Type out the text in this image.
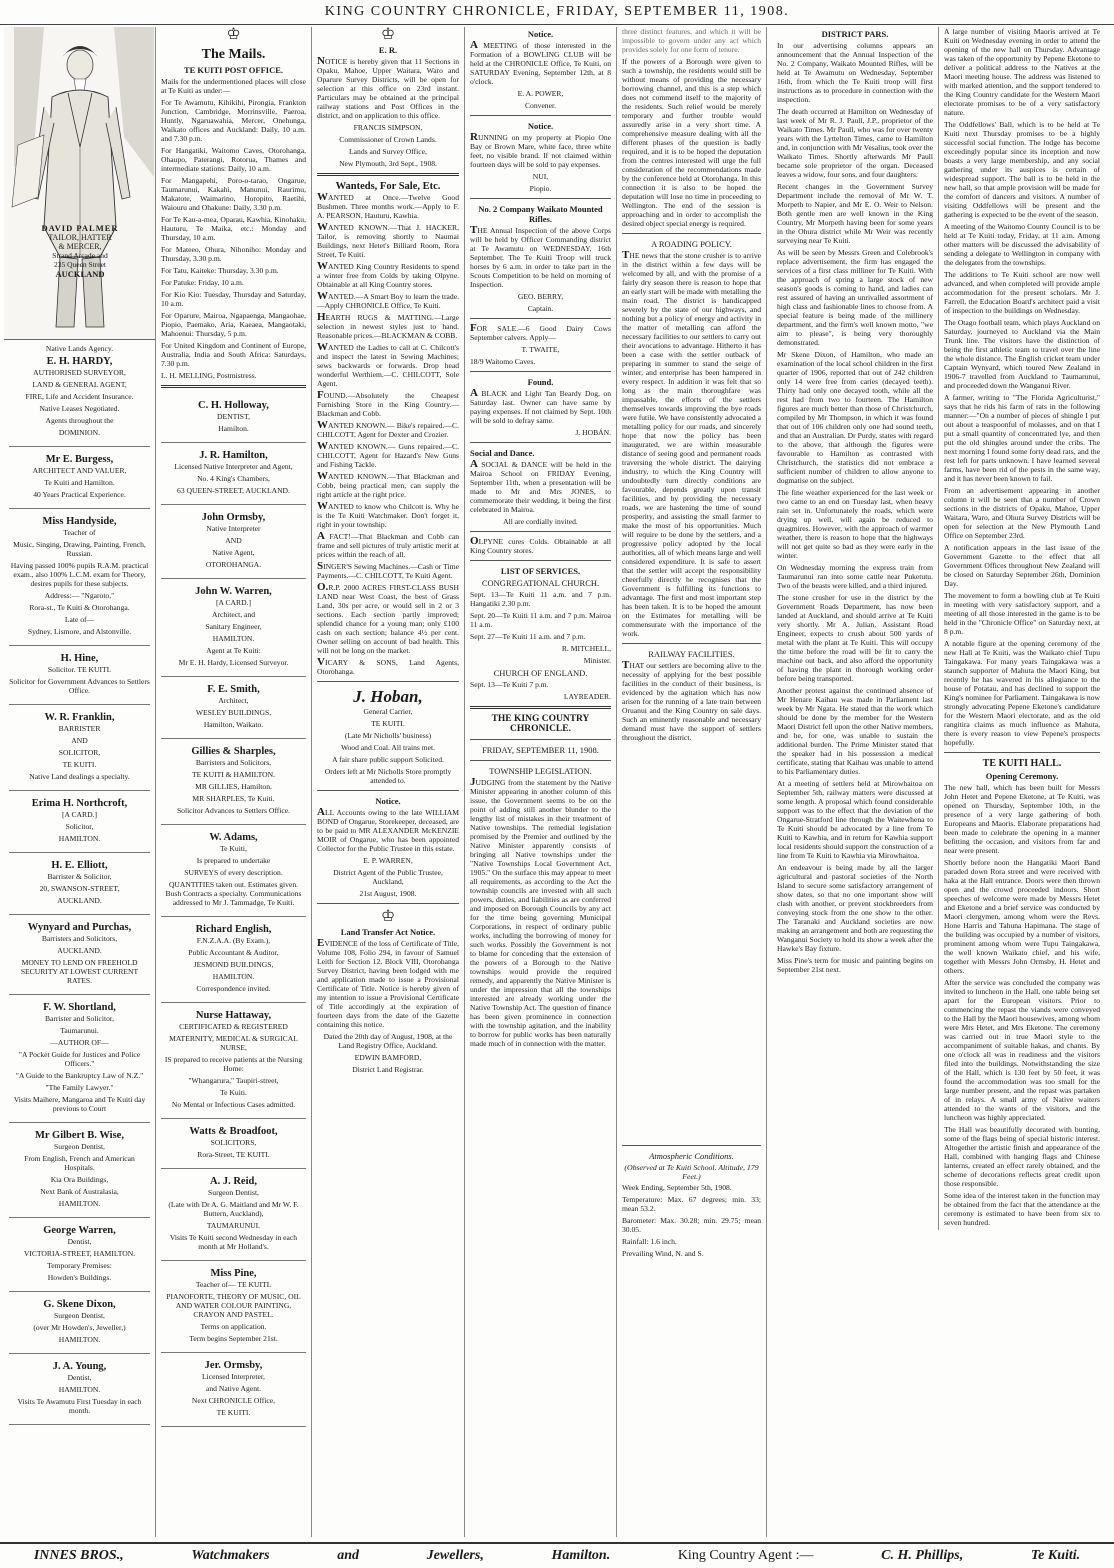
KING COUNTRY CHRONICLE, FRIDAY, SEPTEMBER 11, 1908.
DAVID PALMER
TAILOR, HATTER
& MERCER,
Strand Arcade and
235 Queen Street
AUCKLAND

Native Lands Agency.

E. H. HARDY,

AUTHORISED SURVEYOR,

LAND & GENERAL AGENT,

FIRE, Life and Accident Insurance.

Native Leases Negotiated.

Agents throughout the

DOMINION.

Mr E. Burgess,

ARCHITECT AND VALUER,

Te Kuiti and Hamilton.

40 Years Practical Experience.

Miss Handyside,

Teacher of

Music, Singing, Drawing, Painting, French, Russian.

Having passed 100% pupils R.A.M. practical exam., also 100% L.C.M. exam for Theory, desires pupils for these subjects.

Address:— "Ngaroto,"

Rora-st., Te Kuiti & Otorohanga.

Late of—

Sydney, Lismore, and Alstonville.

H. Hine,

Solicitor. TE KUITI.

Solicitor for Government Advances to Settlers Office.

W. R. Franklin,

BARRISTER

AND

SOLICITOR,

TE KUITI.

Native Land dealings a specialty.

Erima H. Northcroft,

[A CARD.]

Solicitor,

HAMILTON.

H. E. Elliott,

Barrister & Solicitor,

20, SWANSON-STREET,

AUCKLAND.

Wynyard and Purchas,

Barristers and Solicitors,

AUCKLAND.

MONEY TO LEND ON FREEHOLD SECURITY AT LOWEST CURRENT RATES.

F. W. Shortland,

Barrister and Solicitor,

Taumarunui.

—AUTHOR OF—

"A Pocket Guide for Justices and Police Officers."

"A Guide to the Bankruptcy Law of N.Z."

"The Family Lawyer."

Visits Maihere, Mangaroa and Te Kuiti day previous to Court

Mr Gilbert B. Wise,

Surgeon Dentist,

From English, French and American Hospitals.

Kia Ora Buildings,

Next Bank of Australasia,

HAMILTON.

George Warren,

Dentist,

VICTORIA-STREET, HAMILTON.

Temporary Premises:

Howden's Buildings.

G. Skene Dixon,

Surgeon Dentist,

(over Mr Howden's, Jeweller,)

HAMILTON.

J. A. Young,

Dentist,

HAMILTON.

Visits Te Awamutu First Tuesday in each month.

♔
The Mails.
TE KUITI POST OFFICE.

Mails for the undermentioned places will close at Te Kuiti as under:—

For Te Awamutu, Kihikihi, Pirongia, Frankton Junction, Cambridge, Morrinsville, Paeroa, Huntly, Ngaruawahia, Mercer, Onehunga, Waikato offices and Auckland: Daily, 10 a.m. and 7.30 p.m.

For Hangatiki, Waitomo Caves, Otorohanga, Ohaupo, Paterangi, Rotorua, Thames and intermediate stations: Daily, 10 a.m.

For Mangapehi, Poro-o-tarao, Ongarue, Taumarunui, Kakahi, Manunui, Raurimu, Makatote, Waimarino, Horopito, Raetihi, Waiouru and Ohakune: Daily, 3.30 p.m.

For Te Kau-a-mea, Oparau, Kawhia, Kinohaku, Hauturu, Te Maika, etc.: Monday and Thursday, 10 a.m.

For Mateeo, Ohura, Nihoniho: Monday and Thursday, 3.30 p.m.

For Tatu, Kaiteke: Thursday, 3.30 p.m.

For Patuke: Friday, 10 a.m.

For Kio Kio: Tuesday, Thursday and Saturday, 10 a.m.

For Oparure, Mairoa, Ngapaenga, Mangaohae, Piopio, Paemako, Aria, Kaeaea, Mangaotaki, Mahoenui: Thursday, 5 p.m.

For United Kingdom and Continent of Europe, Australia, India and South Africa: Saturdays, 7.30 p.m.

L. H. MELLING, Postmistress.

C. H. Holloway,

DENTIST,

Hamilton.

J. R. Hamilton,

Licensed Native Interpreter and Agent,

No. 4 King's Chambers,

63 QUEEN-STREET, AUCKLAND.

John Ormsby,

Native Interpreter

AND

Native Agent,

OTOROHANGA.

John W. Warren,

[A CARD.]

Architect, and

Sanitary Engineer,

HAMILTON.

Agent at Te Kuiti:

Mr E. H. Hardy, Licensed Surveyor.

F. E. Smith,

Architect,

WESLEY BUILDINGS,

Hamilton, Waikato.

Gillies & Sharples,

Barristers and Solicitors,

TE KUITI & HAMILTON.

MR GILLIES, Hamilton.

MR SHARPLES, Te Kuiti.

Solicitor Advances to Settlers Office.

W. Adams,

Te Kuiti,

Is prepared to undertake

SURVEYS of every description.

QUANTITIES taken out. Estimates given. Bush Contracts a specialty. Communications addressed to Mr J. Tammadge, Te Kuiti.

Richard English,

F.N.Z.A.A. (By Exam.),

Public Accountant & Auditor,

JESMOND BUILDINGS,

HAMILTON.

Correspondence invited.

Nurse Hattaway,

CERTIFICATED & REGISTERED

MATERNITY, MEDICAL & SURGICAL NURSE,

IS prepared to receive patients at the Nursing Home:

"Whangarura," Taupiri-street,

Te Kuiti.

No Mental or Infectious Cases admitted.

Watts & Broadfoot,

SOLICITORS,

Rora-Street, TE KUITI.

A. J. Reid,

Surgeon Dentist,

(Late with Dr A. G. Maitland and Mr W. F. Buttern, Auckland),

TAUMARUNUI.

Visits Te Kuiti second Wednesday in each month at Mr Holland's.

Miss Pine,

Teacher of— TE KUITI.

PIANOFORTE, THEORY OF MUSIC, OIL AND WATER COLOUR PAINTING, CRAYON AND PASTEL.

Terms on application.

Term begins September 21st.

Jer. Ormsby,

Licensed Interpreter,

and Native Agent.

Next CHRONICLE Office,

TE KUITI.

♔
E. R.

NOTICE is hereby given that 11 Sections in Opaku, Mahoe, Upper Waitara, Waro and Oparure Survey Districts, will be open for selection at this office on 23rd instant. Particulars may be obtained at the principal railway stations and Post Offices in the district, and on application to this office.

FRANCIS SIMPSON,

Commissioner of Crown Lands.

Lands and Survey Office,

New Plymouth, 3rd Sept., 1908.

Wanteds, For Sale, Etc.

WANTED at Once.—Twelve Good Bushmen. Three months work.—Apply to F. A. PEARSON, Hauturu, Kawhia.

WANTED KNOWN.—That J. HACKER, Tailor, is removing shortly to Naumai Buildings, next Hetet's Billiard Room, Rora Street, Te Kuiti.

WANTED King Country Residents to spend a winter free from Colds by taking Olpyne. Obtainable at all King Country stores.

WANTED.—A Smart Boy to learn the trade.—Apply CHRONICLE Office, Te Kuiti.

HEARTH RUGS & MATTING.—Large selection in newest styles just to hand. Reasonable prices.—BLACKMAN & COBB.

WANTED the Ladies to call at C. Chilcott's and inspect the latest in Sewing Machines; sews backwards or forwards. Drop head wonderful Werthiem.—C. CHILCOTT, Sole Agent.

FOUND.—Absolutely the Cheapest Furnishing Store in the King Country.—Blackman and Cobb.

WANTED KNOWN.— Bike's repaired.—C. CHILCOTT, Agent for Dexter and Crozier.

WANTED KNOWN.— Guns repaired.—C. CHILCOTT, Agent for Hazard's New Guns and Fishing Tackle.

WANTED KNOWN.—That Blackman and Cobb, being practical men, can supply the right article at the right price.

WANTED to know who Chilcott is. Why he is the Te Kuiti Watchmaker. Don't forget it, right in your township.

A FACT!—That Blackman and Cobb can frame and sell pictures of truly artistic merit at prices within the reach of all.

SINGER'S Sewing Machines.—Cash or Time Payments.—C. CHILCOTT, Te Kuiti Agent.

O.R.P. 2000 ACRES FIRST-CLASS BUSH LAND near West Coast, the best of Grass Land, 30s per acre, or would sell in 2 or 3 sections. Each section partly improved; splendid chance for a young man; only £100 cash on each section; balance 4½ per cent. Owner selling on account of bad health. This will not be long on the market.

VICARY & SONS, Land Agents, Otorohanga.

J. Hoban,

General Carrier,

TE KUITI.

(Late Mr Nicholls' business)

Wood and Coal. All trains met.

A fair share public support Solicited.

Orders left at Mr Nicholls Store promptly attended to.

Notice.

ALL Accounts owing to the late WILLIAM BOND of Ongarue, Storekeeper, deceased, are to be paid to MR ALEXANDER McKENZIE MOIR of Ongarue, who has been appointed Collector for the Public Trustee in this estate.

E. P. WARREN,

District Agent of the Public Trustee, Auckland,

21st August, 1908.

♔
Land Transfer Act Notice.

EVIDENCE of the loss of Certificate of Title, Volume 108, Folio 294, in favour of Samuel Leith for Section 12, Block VIII, Otorohanga Survey District, having been lodged with me and application made to issue a Provisional Certificate of Title. Notice is hereby given of my intention to issue a Provisional Certificate of Title accordingly at the expiration of fourteen days from the date of the Gazette containing this notice.

Dated the 20th day of August, 1908, at the Land Registry Office, Auckland.

EDWIN BAMFORD,

District Land Registrar.

Notice.

A MEETING of those interested in the Formation of a BOWLING CLUB will be held at the CHRONICLE Office, Te Kuiti, on SATURDAY Evening, September 12th, at 8 o'clock.

E. A. POWER,

Convener.

Notice.

RUNNING on my property at Piopio One Bay or Brown Mare, white face, three white feet, no visible brand. If not claimed within fourteen days will be sold to pay expenses.

NUI,

Piopio.

No. 2 Company Waikato Mounted Rifles.

THE Annual Inspection of the above Corps will be held by Officer Commanding district at Te Awamutu on WEDNESDAY, 16th September. The Te Kuiti Troop will truck horses by 6 a.m. in order to take part in the Scouts Competition to be held on morning of Inspection.

GEO. BERRY,

Captain.

FOR SALE.—6 Good Dairy Cows September calvers. Apply—

T. TWAITE,

18/9 Waitomo Caves.

Found.

A BLACK and Light Tan Beardy Dog, on Saturday last. Owner can have same by paying expenses. If not claimed by Sept. 10th will be sold to defray same.

J. HOBÁN.

Social and Dance.

A SOCIAL & DANCE will be held in the Mairoa School on FRIDAY Evening, September 11th, when a presentation will be made to Mr and Mrs JONES, to commemorate their wedding, it being the first celebrated in Mairoa.

All are cordially invited.

OLPYNE cures Colds. Obtainable at all King Country stores.

LIST OF SERVICES.
CONGREGATIONAL CHURCH.

Sept. 13—Te Kuiti 11 a.m. and 7 p.m. Hangatiki 2.30 p.m.

Sept. 20—Te Kuiti 11 a.m. and 7 p.m. Mairoa 11 a.m.

Sept. 27—Te Kuiti 11 a.m. and 7 p.m.

R. MITCHELL,

Minister.

CHURCH OF ENGLAND.

Sept. 13—Te Kuiti 7 p.m.

LAYREADER.

THE KING COUNTRY CHRONICLE.
FRIDAY, SEPTEMBER 11, 1908.
TOWNSHIP LEGISLATION.

JUDGING from the statement by the Native Minister appearing in another column of this issue, the Government seems to be on the point of adding still another blunder to the lengthy list of mistakes in their treatment of Native townships. The remedial legislation promised by the Premier and outlined by the Native Minister apparently consists of bringing all Native townships under the "Native Townships Local Government Act, 1905." On the surface this may appear to meet all requirements, as according to the Act the township councils are invested with all such powers, duties, and liabilities as are conferred and imposed on Borough Councils by any act for the time being governing Municipal Corporations, in respect of ordinary public works, including the borrowing of money for such works. Possibly the Government is not to blame for conceding that the extension of the powers of a Borough to the Native townships would provide the required remedy, and apparently the Native Minister is under the impression that all the townships interested are already working under the Native Township Act. The question of finance has been given prominence in connection with the township agitation, and the inability to borrow for public works has been naturally made much of in connection with the matter.

three distinct features, and which it will be impossible to govern under any act which provides solely for one form of tenure.

If the powers of a Borough were given to such a township, the residents would still be without means of providing the necessary borrowing channel, and this is a step which does not commend itself to the majority of the residents. Such relief would be merely temporary and further trouble would assuredly arise in a very short time. A comprehensive measure dealing with all the different phases of the question is badly required, and it is to be hoped the deputation from the centres interested will urge the full consideration of the recommendations made by the conference held at Otorohanga. In this connection it is also to be hoped the deputation will lose no time in proceeding to Wellington. The end of the session is approaching and in order to accomplish the desired object special energy is required.

A ROADING POLICY.

THE news that the stone crusher is to arrive in the district within a few days will be welcomed by all, and with the promise of a fairly dry season there is reason to hope that an early start will be made with metalling the main road. The district is handicapped severely by the state of our highways, and nothing but a policy of energy and activity in the matter of metalling can afford the necessary facilities to our settlers to carry out their avocations to advantage. Hitherto it has been a case with the settler outback of preparing in summer to stand the seige of winter, and enterprise has been hampered in every respect. In addition it was felt that so long as the main thoroughfare was impassable, the efforts of the settlers themselves towards improving the bye roads were futile. We have consistently advocated a metalling policy for our roads, and sincerely hope that now the policy has been inaugurated, we are within measurable distance of seeing good and permanent roads traversing the whole district. The dairying industry, to which the King Country will undoubtedly turn directly conditions are favourable, depends greatly upon transit facilities, and by providing the necessary roads, we are hastening the time of sound prosperity, and assisting the small farmer to make the most of his opportunities. Much will require to be done by the settlers, and a progressive policy adopted by the local authorities, all of which means large and well considered expenditure. It is safe to assert that the settler will accept the responsibility cheerfully directly he recognises that the Government is fulfilling its functions to advantage. The first and most important step has been taken. It is to be hoped the amount on the Estimates for metalling will be commensurate with the importance of the work.

RAILWAY FACILITIES.

THAT our settlers are becoming alive to the necessity of applying for the best possible facilities in the conduct of their business, is evidenced by the agitation which has now arisen for the running of a late train between Oruanui and the King Country on sale days. Such an eminently reasonable and necessary demand must have the support of settlers throughout the district.

Atmospheric Conditions.

(Observed at Te Kuiti School. Altitude, 179 Feet.)

Week Ending, September 5th, 1908.

Temperature: Max. 67 degrees; min. 33; mean 53.2.

Barometer: Max. 30.28; min. 29.75; mean 30.05.

Rainfall: 1.6 inch.

Prevailing Wind, N. and S.

DISTRICT PARS.

In our advertising columns appears an announcement that the Annual Inspection of the No. 2 Company, Waikato Mounted Rifles, will be held at Te Awamutu on Wednesday, September 16th, from which the Te Kuiti troop will first instructions as to procedure in connection with the inspection.

The death occurred at Hamilton on Wednesday of last week of Mr R. J. Paull, J.P., proprietor of the Waikato Times. Mr Paull, who was for over twenty years with the Lyttelton Times, came to Hamilton and, in conjunction with Mr Vesalius, took over the Waikato Times. Shortly afterwards Mr Paull became sole proprietor of the organ. Deceased leaves a widow, four sons, and four daughters.

Recent changes in the Government Survey Department include the removal of Mr W. T. Morpeth to Napier, and Mr E. O. Weir to Nelson. Both gentle men are well known in the King Country, Mr Morpeth having been for some years in the Ohura district while Mr Weir was recently surveying near Te Kuiti.

As will be seen by Messrs Green and Colebrook's replace advertisement, the firm has engaged the services of a first class milliner for Te Kuiti. With the approach of spring a large stock of new season's goods is coming to hand, and ladies can rest assured of having an unrivalled assortment of high class and fashionable lines to choose from. A special feature is being made of the millinery department, and the firm's well known motto, "we aim to please", is being very thoroughly demonstrated.

Mr Skene Dixon, of Hamilton, who made an examination of the local school children in the first quarter of 1906, reported that out of 242 children only 14 were free from caries (decayed teeth). Thirty had only one decayed tooth, while all the rest had from two to fourteen. The Hamilton figures are much better than those of Christchurch, compiled by Mr Thompson, in which it was found that out of 106 children only one had sound teeth, and that an Australian. Dr Purdy, states with regard to the above, that although the figures were favourable to Hamilton as contrasted with Christchurch, the statistics did not embrace a sufficient number of children to allow anyone to dogmatise on the subject.

The fine weather experienced for the last week or two came to an end on Tuesday last, when heavy rain set in. Unfortunately the roads, which were drying up well, will again be reduced to quagmires. However, with the approach of warmer weather, there is reason to hope that the highways will not get quite so bad as they were early in the winter.

On Wednesday morning the express train from Taumarunui ran into some cattle near Puketutu. Two of the beasts were killed, and a third injured.

The stone crusher for use in the district by the Government Roads Department, has now been landed at Auckland, and should arrive at Te Kuiti very shortly. Mr A. Julian, Assistant Road Engineer, expects to crush about 500 yards of metal with the plant at Te Kuiti. This will occupy the time before the road will be fit to carry the machine out back, and also afford the opportunity of having the plant in thorough working order before being transported.

Another protest against the continued absence of Mr Henare Kaihau was made in Parliament last week by Mr Ngata. He stated that the work which should be done by the member for the Western Maori District fell upon the other Native members, and he, for one, was unable to sustain the additional burden. The Prime Minister stated that the speaker had in his possession a medical certificate, stating that Kaihau was unable to attend to his Parliamentary duties.

At a meeting of settlers held at Mirowhaitoa on September 5th, railway matters were discussed at some length. A proposal which found considerable support was to the effect that the deviation of the Ongarue-Stratford line through the Waitewhena to Te Kuiti should be advocated by a line from Te Kuiti to Kawhia, and in return for Kawhia support local residents should support the construction of a line from Te Kuiti to Kawhia via Mirowhaitoa.

An endeavour is being made by all the larger agricultural and pastoral societies of the North Island to secure some satisfactory arrangement of show dates, so that no one important show will clash with another, or prevent stockbreeders from conveying stock from the one show to the other. The Taranaki and Auckland societies are now making an arrangement and both are requesting the Wanganui Society to hold its show a week after the Hawke's Bay fixture.

Miss Pine's term for music and painting begins on September 21st next.

A large number of visiting Maoris arrived at Te Kuiti on Wednesday evening in order to attend the opening of the new hall on Thursday. Advantage was taken of the opportunity by Pepene Eketone to deliver a political address to the Natives at the Maori meeting house. The address was listened to with marked attention, and the support tendered to the King Country candidate for the Western Maori electorate promises to be of a very satisfactory nature.

The Oddfellows' Ball, which is to be held at Te Kuiti next Thursday promises to be a highly successful social function. The lodge has become exceedingly popular since its inception and now boasts a very large membership, and any social gathering under its auspices is certain of widespread support. The ball is to be held in the new hall, so that ample provision will be made for the comfort of dancers and visitors. A number of visiting Oddfellows will be present and the gathering is expected to be the event of the season.

A meeting of the Waitomo County Council is to be held at Te Kuiti today, Friday, at 11 a.m. Among other matters will be discussed the advisability of sending a delegate to Wellington in company with the delegates from the townships.

The additions to Te Kuiti school are now well advanced, and when completed will provide ample accommodation for the present scholars. Mr J. Farrell, the Education Board's architect paid a visit of inspection to the buildings on Wednesday.

The Otago football team, which plays Auckland on Saturday, journeyed to Auckland via the Main Trunk line. The visitors have the distinction of being the first athletic team to travel over the line the whole distance. The English cricket team under Captain Wynyard, which toured New Zealand in 1906-7 travelled from Auckland to Taumarunui, and proceeded down the Wanganui River.

A farmer, writing to "The Florida Agriculturist," says that he rids his farm of rats in the following manner:—"On a number of pieces of shingle I put out about a teaspoonful of molasses, and on that I put a small quantity of concentrated lye, and then put the old shingles around under the cribs. The next morning I found some forty dead rats, and the rest left for parts unknown. I have learned several farms, have been rid of the pests in the same way, and it has never been known to fail.

From an advertisement appearing in another column it will be seen that a number of Crown sections in the districts of Opaku, Mahoe, Upper Waitara, Waro, and Ohura Survey Districts will be open for selection at the New Plymouth Land Office on September 23rd.

A notification appears in the last issue of the Government Gazette to the effect that all Government Offices throughout New Zealand will be closed on Saturday September 26th, Dominion Day.

The movement to form a bowling club at Te Kuiti in meeting with very satisfactory support, and a meeting of all those interested in the game is to be held in the "Chronicle Office" on Saturday next, at 8 p.m.

A notable figure at the opening ceremony of the new Hall at Te Kuiti, was the Waikato chief Tupu Taingakawa. For many years Taingakawa was a staunch supporter of Mahuta the Maori King, but recently he has wavered in his allegiance to the house of Potatau, and has declined to support the King's nominee for Parliament. Taingakawa is now strongly advocating Pepene Eketone's candidature for the Western Maori electorate, and as the old rangitira claims as much influence as Mahuta, there is every reason to view Pepene's prospects hopefully.

TE KUITI HALL.
Opening Ceremony.

The new hall, which has been built for Messrs John Hetet and Pepene Eketone, at Te Kuiti, was opened on Thursday, September 10th, in the presence of a very large gathering of both Europeans and Maoris. Elaborate preparations had been made to celebrate the opening in a manner befitting the occasion, and visitors from far and near were present.

Shortly before noon the Hangatiki Maori Band paraded down Rora street and were received with haka at the Hall entrance. Doors were then thrown open and the crowd proceeded indoors. Short speeches of welcome were made by Messrs Hetet and Eketone and a brief service was conducted by Maori clergymen, among whom were the Revs. Hone Harris and Tahuna Hapimana. The stage of the building was occupied by a number of visitors, prominent among whom were Tupu Taingakawa, the well known Waikato chief, and his wife, together with Messrs John Ormsby, H. Hetet and others.

After the service was concluded the company was invited to luncheon in the Hall, one table being set apart for the European visitors. Prior to commencing the repast the viands were conveyed to the Hall by the Maori housewives, among whom were Mrs Hetet, and Mrs Eketone. The ceremony was carried out in true Maori style to the accompaniment of suitable hakas, and chants. By one o'clock all was in readiness and the visitors filed into the buildings. Notwithstanding the size of the Hall, which is 130 feet by 50 feet, it was found the accommodation was too small for the large number present, and the repast was partaken of in relays. A small army of Native waiters attended to the wants of the visitors, and the luncheon was highly appreciated.

The Hall was beautifully decorated with bunting, some of the flags being of special historic interest. Altogether the artistic finish and appearance of the Hall, combined with hanging flags and Chinese lanterns, created an effect rarely obtained, and the scheme of decorations reflects great credit upon those responsible.

Some idea of the interest taken in the function may be obtained from the fact that the attendance at the ceremony is estimated to have been from six to seven hundred.

INNES BROS.,	Watchmakers	and	Jewellers,	Hamilton.	King Country Agent :—	C. H. Phillips,	Te Kuiti.
